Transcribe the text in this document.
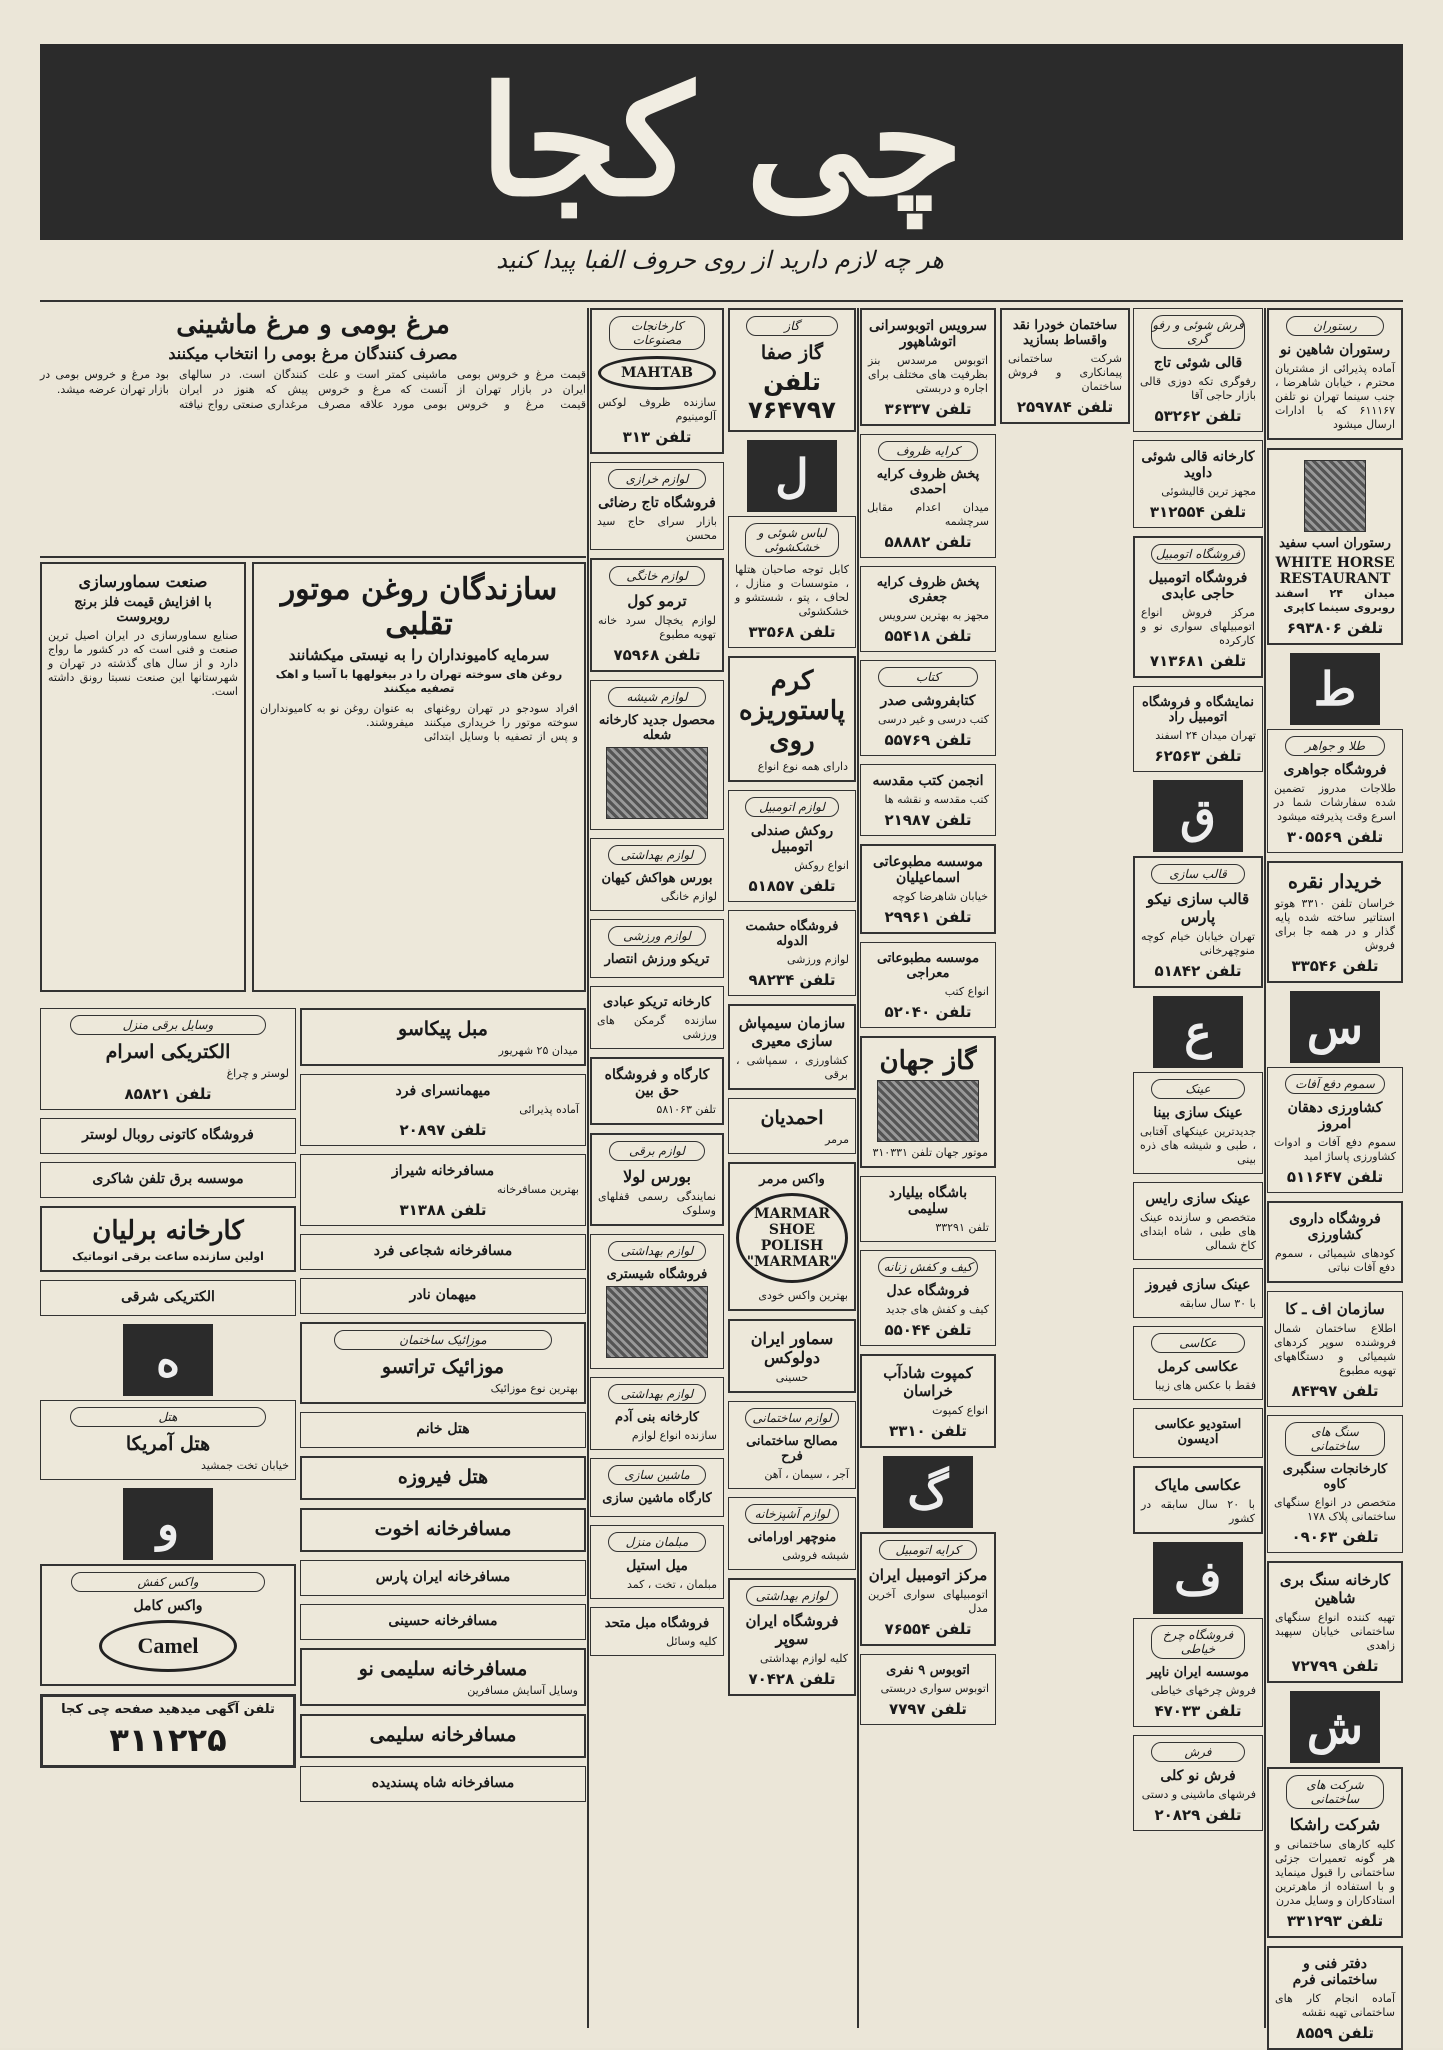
چی کجا
هر چه لازم دارید از روی حروف الفبا پیدا کنید
رستوران
رستوران شاهین نو
آماده پذیرائی از مشتریان محترم ، خیابان شاهرضا ، جنب سینما تهران نو تلفن ۶۱۱۱۶۷ که با ادارات ارسال میشود
رستوران اسب سفید
WHITE HORSE
RESTAURANT
میدان ۲۴ اسفند روبروی سینما کاپری
تلفن ۶۹۳۸۰۶
ط
طلا و جواهر
فروشگاه جواهری
طلاجات مدروز تضمین شده سفارشات شما در اسرع وقت پذیرفته میشود
تلفن ۳۰۵۵۶۹
خریدار نقره
خراسان تلفن ۳۳۱۰ هوتو استاتیر ساخته شده پایه گذار و در همه جا برای فروش
تلفن ۳۳۵۴۶
س
سموم دفع آفات
کشاورزی دهقان امروز
سموم دفع آفات و ادوات کشاورزی پاساژ امید
تلفن ۵۱۱۶۴۷
فروشگاه داروی کشاورزی
کودهای شیمیائی ، سموم دفع آفات نباتی
سازمان اف ـ کا
اطلاع ساختمان شمال فروشنده سوپر کردهای شیمیائی و دستگاههای تهویه مطبوع
تلفن ۸۴۳۹۷
سنگ های ساختمانی
کارخانجات سنگبری کاوه
متخصص در انواع سنگهای ساختمانی پلاک ۱۷۸
تلفن ۰۹۰۶۳
کارخانه سنگ بری شاهین
تهیه کننده انواع سنگهای ساختمانی خیابان سپهبد زاهدی
تلفن ۷۲۷۹۹
ش
شرکت های ساختمانی
شرکت راشکا
کلیه کارهای ساختمانی و هر گونه تعمیرات جزئی ساختمانی را قبول مینماید و با استفاده از ماهرترین استادکاران و وسایل مدرن
تلفن ۳۳۱۲۹۳
دفتر فنی و ساختمانی فرم
آماده انجام کار های ساختمانی تهیه نقشه
تلفن ۸۵۵۹
ساختمان خودرا نقد واقساط بسازید
شرکت ساختمانی پیمانکاری و فروش ساختمان
تلفن ۲۵۹۷۸۴
فرش شوئی و رفو گری
قالی شوئی تاج
رفوگری تکه دوزی قالی بازار حاجی آقا
تلفن ۵۳۲۶۲
کارخانه قالی شوئی داوید
مجهز ترین قالیشوئی
تلفن ۳۱۲۵۵۴
فروشگاه اتومبیل
فروشگاه اتومبیل حاجی عابدی
مرکز فروش انواع اتومبیلهای سواری نو و کارکرده
تلفن ۷۱۳۶۸۱
نمایشگاه و فروشگاه اتومبیل راد
تهران میدان ۲۴ اسفند
تلفن ۶۲۵۶۳
ق
قالب سازی
قالب سازی نیکو پارس
تهران خیابان خیام کوچه منوچهرخانی
تلفن ۵۱۸۴۲
ع
عینک
عینک سازی بینا
جدیدترین عینکهای آفتابی ، طبی و شیشه های ذره بینی
عینک سازی رایس
متخصص و سازنده عینک های طبی ، شاه ابتدای کاخ شمالی
عینک سازی فیروز
با ۳۰ سال سابقه
عکاسی
عکاسی کرمل
فقط با عکس های زیبا
استودیو عکاسی ادیسون
عکاسی مایاک
با ۲۰ سال سابقه در کشور
ف
فروشگاه چرخ خیاطی
موسسه ایران ناپیر
فروش چرخهای خیاطی
تلفن ۴۷۰۳۳
فرش
فرش نو کلی
فرشهای ماشینی و دستی
تلفن ۲۰۸۲۹
سرویس اتوبوسرانی اتوشاهپور
اتوبوس مرسدس بنز بظرفیت های مختلف برای اجاره و دربستی
تلفن ۳۶۳۳۷
کرایه ظروف
پخش ظروف کرایه احمدی
میدان اعدام مقابل سرچشمه
تلفن ۵۸۸۸۲
پخش ظروف کرایه جعفری
مجهز به بهترین سرویس
تلفن ۵۵۴۱۸
کتاب
کتابفروشی صدر
کتب درسی و غیر درسی
تلفن ۵۵۷۶۹
انجمن کتب مقدسه
کتب مقدسه و نقشه ها
تلفن ۲۱۹۸۷
موسسه مطبوعاتی اسماعیلیان
خیابان شاهرضا کوچه
تلفن ۲۹۹۶۱
موسسه مطبوعاتی معراجی
انواع کتب
تلفن ۵۲۰۴۰
گاز جهان
موتور جهان تلفن ۳۱۰۳۳۱
باشگاه بیلیارد سلیمی
تلفن ۳۳۲۹۱
کیف و کفش زنانه
فروشگاه عدل
کیف و کفش های جدید
تلفن ۵۵۰۴۴
کمپوت شادآب خراسان
انواع کمپوت
تلفن ۳۳۱۰
گ
کرایه اتومبیل
مرکز اتومبیل ایران
اتومبیلهای سواری آخرین مدل
تلفن ۷۶۵۵۴
اتوبوس ۹ نفری
اتوبوس سواری دربستی
تلفن ۷۷۹۷
گاز
گاز صفا
تلفن ۷۶۴۷۹۷
ل
لباس شوئی و خشکشوئی
کابل توجه صاحبان هتلها ، متوسسات و منازل ، لحاف ، پتو ، شستشو و خشکشوئی
تلفن ۳۳۵۶۸
کرم پاستوریزه روی
دارای همه نوع انواع
لوازم اتومبیل
روکش صندلی اتومبیل
انواع روکش
تلفن ۵۱۸۵۷
فروشگاه حشمت الدوله
لوازم ورزشی
تلفن ۹۸۲۳۴
سازمان سیمپاش سازی معیری
کشاورزی ، سمپاشی ، برقی
احمدیان
مرمر
واکس مرمر
MARMAR
SHOE POLISH
"MARMAR"
بهترین واکس خودی
سماور ایران دولوکس
حسینی
لوازم ساختمانی
مصالح ساختمانی فرح
آجر ، سیمان ، آهن
لوازم آشپزخانه
منوچهر اورامانی
شیشه فروشی
لوازم بهداشتی
فروشگاه ایران سوپر
کلیه لوازم بهداشتی
تلفن ۷۰۴۲۸
کارخانجات مصنوعات
MAHTAB
سازنده ظروف لوکس آلومینیوم
تلفن ۳۱۳
لوازم خرازی
فروشگاه تاج رضائی
بازار سرای حاج سید محسن
لوازم خانگی
ترمو کول
لوازم یخچال سرد خانه تهویه مطبوع
تلفن ۷۵۹۶۸
لوازم شیشه
محصول جدید کارخانه شعله
لوازم بهداشتی
بورس هواکش کیهان
لوازم خانگی
لوازم ورزشی
تریکو ورزش انتصار
کارخانه تریکو عبادی
سازنده گرمکن های ورزشی
کارگاه و فروشگاه حق بین
تلفن ۵۸۱۰۶۳
لوازم برقی
بورس لولا
نمایندگی رسمی قفلهای وسلوک
لوازم بهداشتی
فروشگاه شیستری
لوازم بهداشتی
کارخانه بنی آدم
سازنده انواع لوازم
ماشین سازی
کارگاه ماشین سازی
مبلمان منزل
میل استیل
مبلمان ، تخت ، کمد
فروشگاه مبل متحد
کلیه وسائل
مرغ بومی و مرغ ماشینی
مصرف کنندگان مرغ بومی را انتخاب میکنند
قیمت مرغ و خروس بومی ایران در بازار تهران از قیمت مرغ و خروس ماشینی کمتر است و علت آنست که مرغ و خروس بومی مورد علاقه مصرف کنندگان است. در سالهای پیش که هنوز در ایران مرغداری صنعتی رواج نیافته بود مرغ و خروس بومی در بازار تهران عرضه میشد.
صنعت سماورسازی
با افزایش قیمت فلز برنج روبروست
صنایع سماورسازی در ایران اصیل ترین صنعت و فنی است که در کشور ما رواج دارد و از سال های گذشته در تهران و شهرستانها این صنعت نسبتا رونق داشته است.
سازندگان روغن موتور تقلبی
سرمایه کامیونداران را به نیستی میکشانند
روغن های سوخته تهران را در بیغولهها با آسیا و اهک تصفیه میکنند
افراد سودجو در تهران روغنهای سوخته موتور را خریداری میکنند و پس از تصفیه با وسایل ابتدائی به عنوان روغن نو به کامیونداران میفروشند.
مبل پیکاسو
میدان ۲۵ شهریور
میهمانسرای فرد
آماده پذیرائی
تلفن ۲۰۸۹۷
مسافرخانه شیراز
بهترین مسافرخانه
تلفن ۳۱۳۸۸
مسافرخانه شجاعی فرد
میهمان نادر
موزائیک ساختمان
موزائیک تراتسو
بهترین نوع موزائیک
هتل خانم
هتل فیروزه
مسافرخانه اخوت
مسافرخانه ایران پارس
مسافرخانه حسینی
مسافرخانه سلیمی نو
وسایل آسایش مسافرین
مسافرخانه سلیمی
مسافرخانه شاه پسندیده
وسایل برقی منزل
الکتریکی اسرام
لوستر و چراغ
تلفن ۸۵۸۲۱
فروشگاه کاتونی روبال لوستر
موسسه برق تلفن شاکری
کارخانه برلیان
اولین سازنده ساعت برقی اتوماتیک
الکتریکی شرقی
ه
هتل
هتل آمریکا
خیابان تخت جمشید
و
واکس کفش
واکس کامل
Camel
تلفن آگهی میدهید صفحه چی کجا
۳۱۱۲۲۵
